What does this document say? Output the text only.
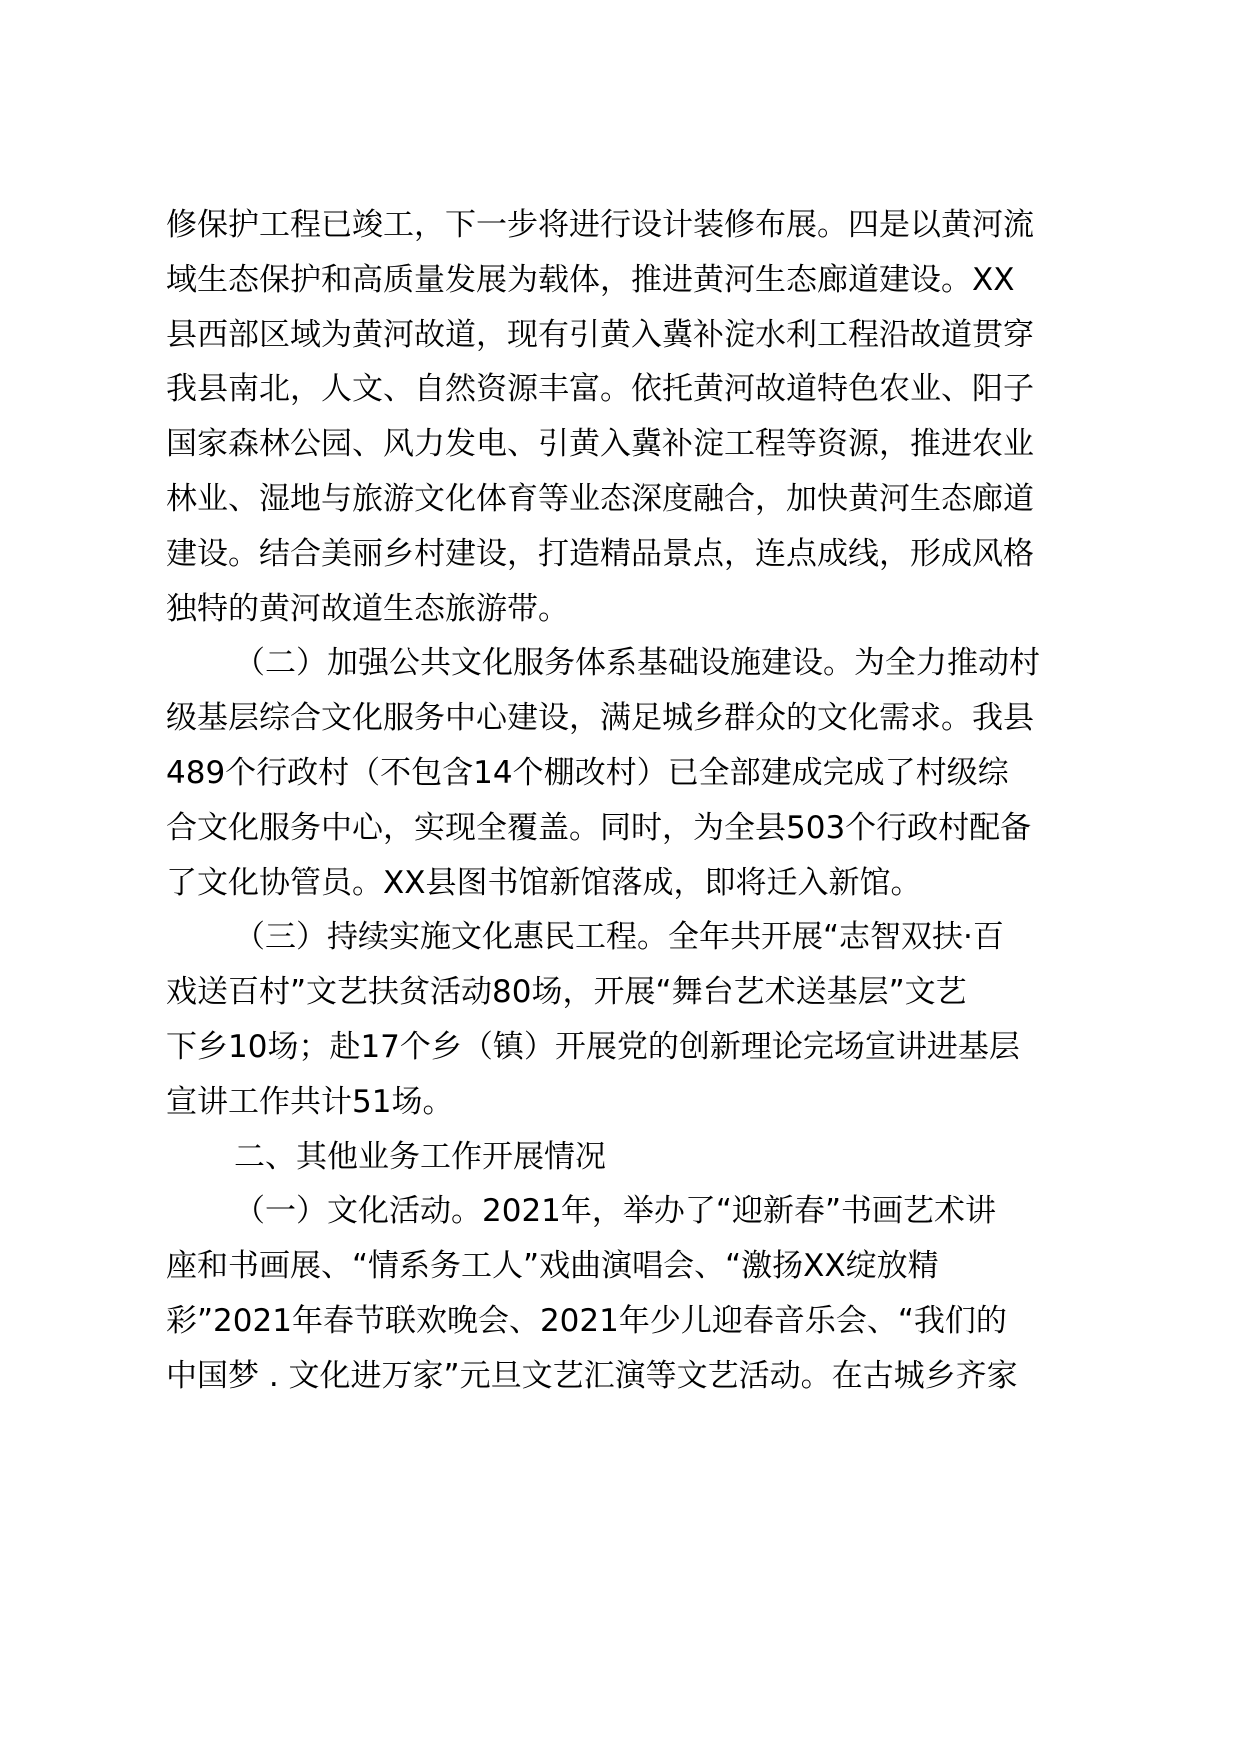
修保护工程已竣工，下一步将进行设计装修布展。四是以黄河流
域生态保护和高质量发展为载体，推进黄河生态廊道建设。XX
县西部区域为黄河故道，现有引黄入冀补淀水利工程沿故道贯穿
我县南北，人文、自然资源丰富。依托黄河故道特色农业、阳子
国家森林公园、风力发电、引黄入冀补淀工程等资源，推进农业
林业、湿地与旅游文化体育等业态深度融合，加快黄河生态廊道
建设。结合美丽乡村建设，打造精品景点，连点成线，形成风格
独特的黄河故道生态旅游带。
（二）加强公共文化服务体系基础设施建设。为全力推动村
级基层综合文化服务中心建设，满足城乡群众的文化需求。我县
489个行政村（不包含14个棚改村）已全部建成完成了村级综
合文化服务中心，实现全覆盖。同时，为全县503个行政村配备
了文化协管员。XX县图书馆新馆落成，即将迁入新馆。
（三）持续实施文化惠民工程。全年共开展“志智双扶·百
戏送百村”文艺扶贫活动80场，开展“舞台艺术送基层”文艺
下乡10场；赴17个乡（镇）开展党的创新理论完场宣讲进基层
宣讲工作共计51场。
二、其他业务工作开展情况
（一）文化活动。2021年，举办了“迎新春”书画艺术讲
座和书画展、“情系务工人”戏曲演唱会、“激扬XX绽放精
彩”2021年春节联欢晚会、2021年少儿迎春音乐会、“我们的
中国梦 . 文化进万家”元旦文艺汇演等文艺活动。在古城乡齐家
